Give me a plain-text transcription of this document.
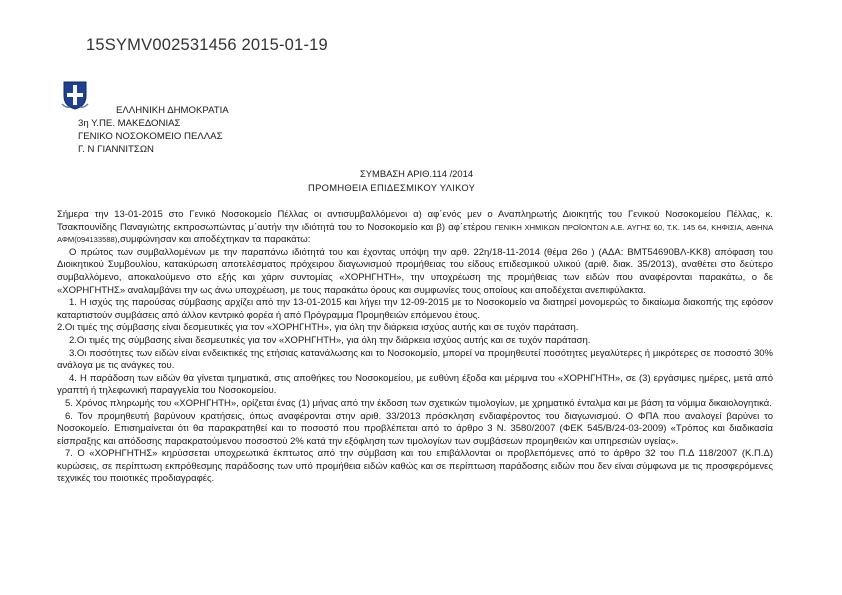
15SYMV002531456 2015-01-19
ΕΛΛΗΝΙΚΗ ΔΗΜΟΚΡΑΤΙΑ
3η Υ.ΠΕ. ΜΑΚΕΔΟΝΙΑΣ
ΓΕΝΙΚΟ ΝΟΣΟΚΟΜΕΙΟ ΠΕΛΛΑΣ
Γ. Ν ΓΙΑΝΝΙΤΣΩΝ
ΣΥΜΒΑΣΗ ΑΡΙΘ.114 /2014
ΠΡΟΜΗΘΕΙΑ ΕΠΙΔΕΣΜΙΚΟΥ ΥΛΙΚΟΥ

Σήμερα την 13-01-2015 στο Γενικό Νοσοκομείο Πέλλας οι αντισυμβαλλόμενοι α) αφ΄ενός μεν ο Αναπληρωτής Διοικητής του Γενικού Νοσοκομείου Πέλλας, κ. Τσακπουνίδης Παναγιώτης εκπροσωπώντας μ΄αυτήν την ιδιότητά του το Νοσοκομείο και β) αφ΄ετέρου ΓΕΝΙΚΗ ΧΗΜΙΚΩΝ ΠΡΟΪΟΝΤΩΝ Α.Ε. ΑΥΓΗΣ 60, Τ.Κ. 145 64, ΚΗΦΙΣΙΑ, ΑΘΗΝΑ ΑΦΜ(094133588),συμφώνησαν και αποδέχτηκαν τα παρακάτω:

Ο πρώτος των συμβαλλομένων με την παραπάνω ιδιότητά του και έχοντας υπόψη την αρθ. 22η/18-11-2014 (θέμα 26ο ) (ΑΔΑ: ΒΜΤ54690ΒΛ-ΚΚ8) απόφαση του Διοικητικού Συμβουλίου, κατακύρωση αποτελέσματος πρόχειρου διαγωνισμού προμήθειας του είδους επιδεσμικού υλικού (αριθ. διακ. 35/2013), αναθέτει στο δεύτερο συμβαλλόμενο, αποκαλούμενο στο εξής και χάριν συντομίας «ΧΟΡΗΓΗΤΗ», την υποχρέωση της προμήθειας των ειδών που αναφέρονται παρακάτω, ο δε «ΧΟΡΗΓΗΤΗΣ» αναλαμβάνει την ως άνω υποχρέωση, με τους παρακάτω όρους και συμφωνίες τους οποίους και αποδέχεται ανεπιφύλακτα.

1. Η ισχύς της παρούσας σύμβασης αρχίζει από την 13-01-2015 και λήγει την 12-09-2015 με το Νοσοκομείο να διατηρεί μονομερώς το δικαίωμα διακοπής της εφόσον καταρτιστούν συμβάσεις από άλλον κεντρικό φορέα ή από Πρόγραμμα Προμηθειών επόμενου έτους.

2.Οι τιμές της σύμβασης είναι δεσμευτικές για τον «ΧΟΡΗΓΗΤΗ», για όλη την διάρκεια ισχύος αυτής και σε τυχόν παράταση.

2.Οι τιμές της σύμβασης είναι δεσμευτικές για τον «ΧΟΡΗΓΗΤΗ», για όλη την διάρκεια ισχύος αυτής και σε τυχόν παράταση.

3.Οι ποσότητες των ειδών είναι ενδεικτικές της ετήσιας κατανάλωσης και το Νοσοκομείο, μπορεί να προμηθευτεί ποσότητες μεγαλύτερες ή μικρότερες σε ποσοστό 30% ανάλογα με τις ανάγκες του.

4. Η παράδοση των ειδών θα γίνεται τμηματικά, στις αποθήκες του Νοσοκομείου, με ευθύνη έξοδα και μέριμνα του «ΧΟΡΗΓΗΤΗ», σε (3) εργάσιμες ημέρες, μετά από γραπτή ή τηλεφωνική παραγγελία του Νοσοκομείου.

5. Χρόνος πληρωμής του «ΧΟΡΗΓΗΤΗ», ορίζεται ένας (1) μήνας από την έκδοση των σχετικών τιμολογίων, με χρηματικό ένταλμα και με βάση τα νόμιμα δικαιολογητικά.

6. Τον προμηθευτή βαρύνουν κρατήσεις, όπως αναφέρονται στην αριθ. 33/2013 πρόσκληση ενδιαφέροντος του διαγωνισμού. Ο ΦΠΑ που αναλογεί βαρύνει το Νοσοκομείο. Επισημαίνεται ότι θα παρακρατηθεί και το ποσοστό που προβλέπεται από το άρθρο 3 Ν. 3580/2007 (ΦΕΚ 545/Β/24-03-2009) «Τρόπος και διαδικασία είσπραξης και απόδοσης παρακρατούμενου ποσοστού 2% κατά την εξόφληση των τιμολογίων των συμβάσεων προμηθειών και υπηρεσιών υγείας».

7. Ο «ΧΟΡΗΓΗΤΗΣ» κηρύσσεται υποχρεωτικά έκπτωτος από την σύμβαση και του επιβάλλονται οι προβλεπόμενες από το άρθρο 32 του Π.Δ 118/2007 (Κ.Π.Δ) κυρώσεις, σε περίπτωση εκπρόθεσμης παράδοσης των υπό προμήθεια ειδών καθώς και σε περίπτωση παράδοσης ειδών που δεν είναι σύμφωνα με τις προσφερόμενες τεχνικές του ποιοτικές προδιαγραφές.
